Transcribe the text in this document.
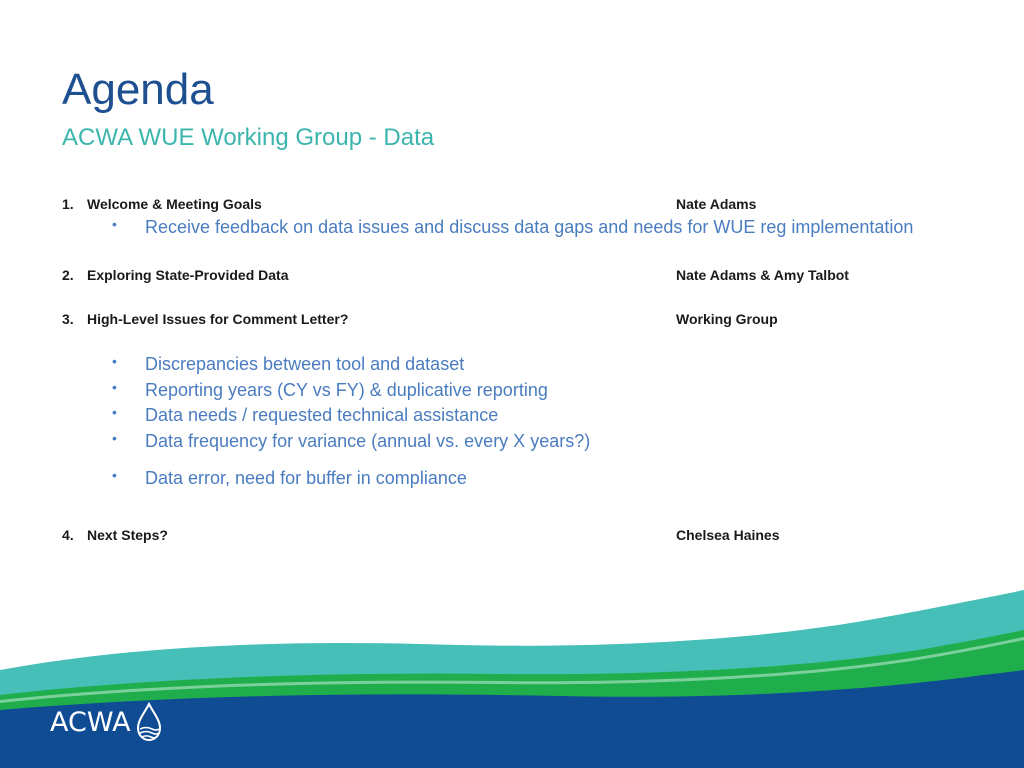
Agenda
ACWA WUE Working Group - Data
1. Welcome & Meeting Goals	Nate Adams
• Receive feedback on data issues and discuss data gaps and needs for WUE reg implementation
2. Exploring State-Provided Data	Nate Adams & Amy Talbot
3. High-Level Issues for Comment Letter?	Working Group
• Discrepancies between tool and dataset
• Reporting years (CY vs FY) & duplicative reporting
• Data needs / requested technical assistance
• Data frequency for variance (annual vs. every X years?)
• Data error, need for buffer in compliance
4. Next Steps?	Chelsea Haines
ACWA
